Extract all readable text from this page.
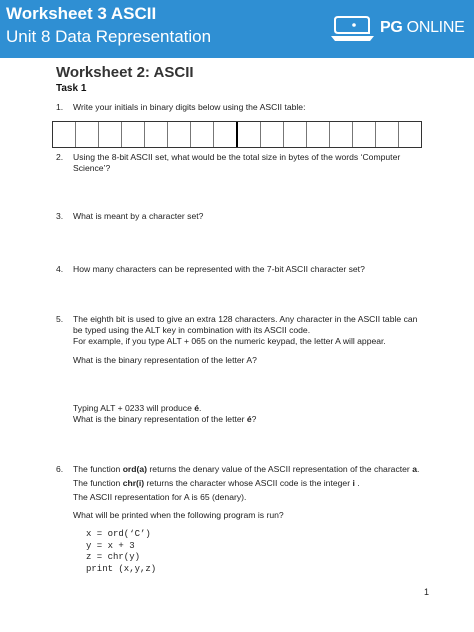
Worksheet 3 ASCII
Unit 8 Data Representation	PG ONLINE
Worksheet 2: ASCII
Task 1
1.	Write your initials in binary digits below using the ASCII table:

2.	Using the 8-bit ASCII set, what would be the total size in bytes of the words ‘Computer

Science’?

3.	What is meant by a character set?

4.	How many characters can be represented with the 7-bit ASCII character set?

5.	The eighth bit is used to give an extra 128 characters. Any character in the ASCII table can

be typed using the ALT key in combination with its ASCII code.

For example, if you type ALT + 065 on the numeric keypad, the letter A will appear.

What is the binary representation of the letter A?

Typing ALT + 0233 will produce é.

What is the binary representation of the letter é?

6.	The function ord(a) returns the denary value of the ASCII representation of the character a.

The function chr(i) returns the character whose ASCII code is the integer i .

The ASCII representation for A is 65 (denary).

What will be printed when the following program is run?

x = ord(‘C’)
y = x + 3
z = chr(y)
print (x,y,z)
1
